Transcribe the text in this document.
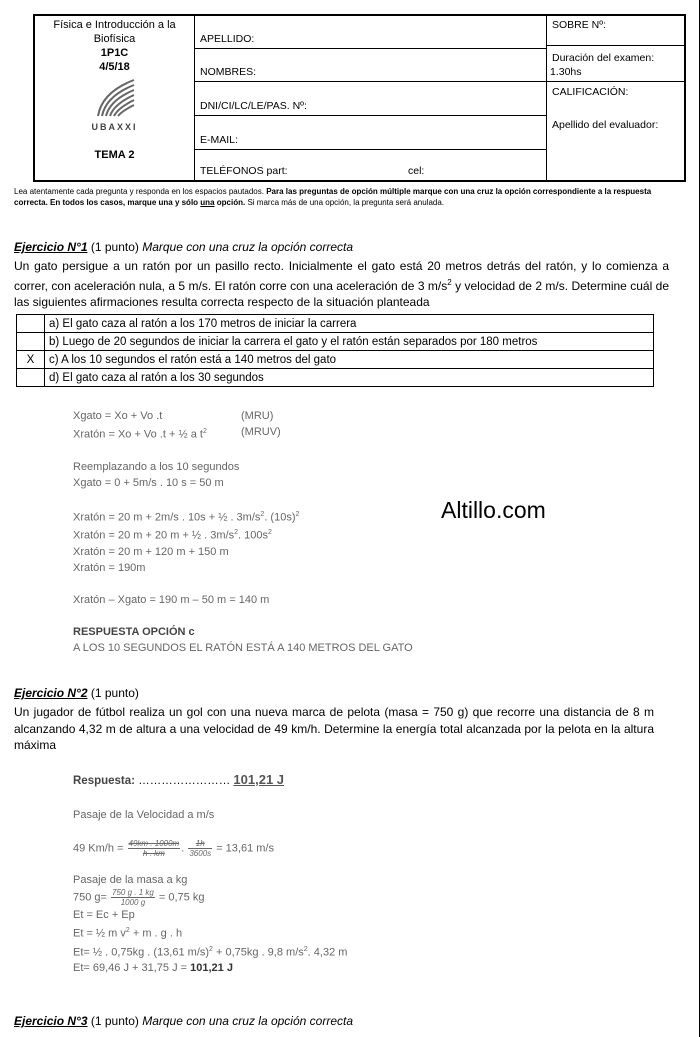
Física e Introducción a la Biofísica
1P1C
4/5/18
UBAXXI
TEMA 2
APELLIDO:
NOMBRES:
DNI/CI/LC/LE/PAS. Nº:
E-MAIL:
TELÉFONOS part:	cel:
SOBRE Nº:
Duración del examen:
1.30hs
CALIFICACIÓN:
Apellido del evaluador:
Lea atentamente cada pregunta y responda en los espacios pautados. Para las preguntas de opción múltiple marque con una cruz la opción correspondiente a la respuesta correcta. En todos los casos, marque una y sólo una opción. Si marca más de una opción, la pregunta será anulada.
Ejercicio N°1 (1 punto) Marque con una cruz la opción correcta
Un gato persigue a un ratón por un pasillo recto. Inicialmente el gato está 20 metros detrás del ratón, y lo comienza a correr, con aceleración nula, a 5 m/s. El ratón corre con una aceleración de 3 $m/s^2$ y velocidad de 2 m/s. Determine cuál de las siguientes afirmaciones resulta correcta respecto de la situación planteada
	a) El gato caza al ratón a los 170 metros de iniciar la carrera
	b) Luego de 20 segundos de iniciar la carrera el gato y el ratón están separados por 180 metros
X	c) A los 10 segundos el ratón está a 140 metros del gato
	d) El gato caza al ratón a los 30 segundos
Xgato = Xo + Vo .t	(MRU)
Xratón = Xo + Vo .t + ½ a $t^2$	(MRUV)
Reemplazando a los 10 segundos
Xgato = 0 + 5m/s . 10 s = 50 m
Xratón = 20 m + 2m/s . 10s + ½ . $3m/s^2$. $(10s)^2$
Xratón = 20 m + 20 m + ½ . $3m/s^2$. $100s^2$
Xratón = 20 m + 120 m + 150 m
Xratón = 190m
Xratón – Xgato = 190 m – 50 m = 140 m
RESPUESTA OPCIÓN c
A LOS 10 SEGUNDOS EL RATÓN ESTÁ A 140 METROS DEL GATO
Altillo.com
Ejercicio N°2 (1 punto)
Un jugador de fútbol realiza un gol con una nueva marca de pelota (masa = 750 g) que recorre una distancia de 8 m alcanzando 4,32 m de altura a una velocidad de 49 km/h. Determine la energía total alcanzada por la pelota en la altura máxima
Respuesta: …………………… 101,21 J
Pasaje de la Velocidad a m/s
49 $Km/h = \frac{49km . 1000m}{h . km}$ . $\frac{1h}{3600s} = 13,61$ m/s
Pasaje de la masa a kg
750 $g= \frac{750 g . 1 kg}{1000 g} = 0,75$ kg
Et = Ec + Ep
Et = ½ m $v^2 + m$ . g . h
Et= ½ . 0,75kg . (13,61 m/s)$^2$ + 0,75kg . 9,8 $m/s^2$. 4,32 m
Et= 69,46 J + 31,75 J = 101,21 J
Ejercicio N°3 (1 punto) Marque con una cruz la opción correcta
